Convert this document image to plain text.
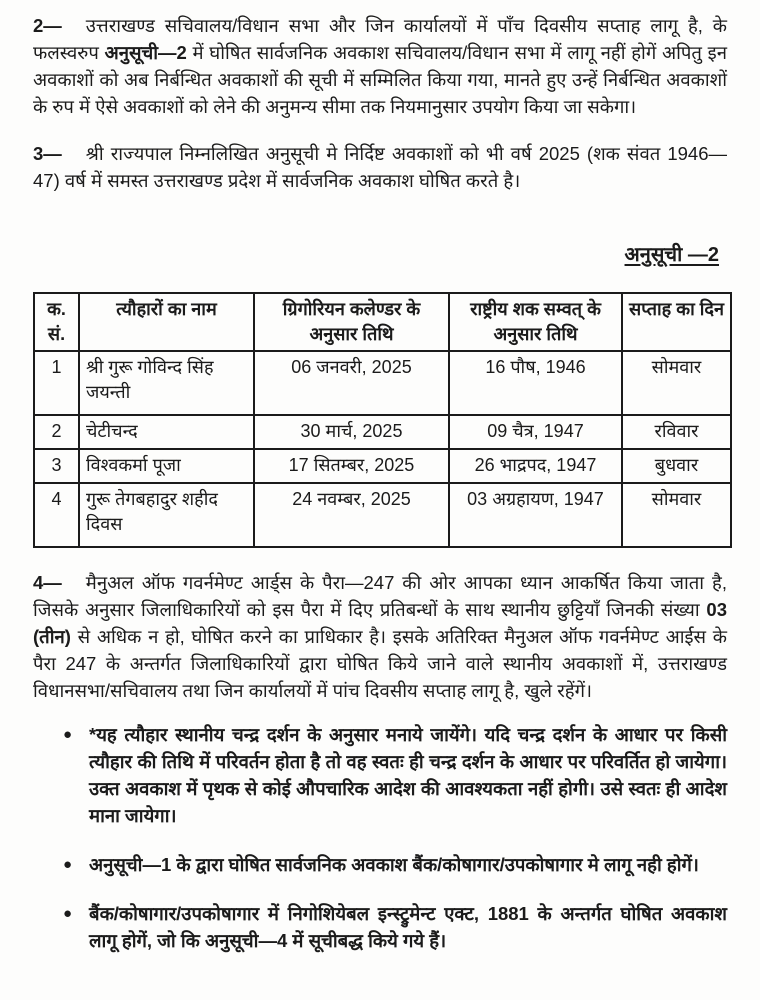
2— उत्तराखण्ड सचिवालय/विधान सभा और जिन कार्यालयों में पाँच दिवसीय सप्ताह लागू है, के फलस्वरुप अनुसूची—2 में घोषित सार्वजनिक अवकाश सचिवालय/विधान सभा में लागू नहीं होगें अपितु इन अवकाशों को अब निर्बन्धित अवकाशों की सूची में सम्मिलित किया गया, मानते हुए उन्हें निर्बन्धित अवकाशों के रुप में ऐसे अवकाशों को लेने की अनुमन्य सीमा तक नियमानुसार उपयोग किया जा सकेगा।

3— श्री राज्यपाल निम्नलिखित अनुसूची मे निर्दिष्ट अवकाशों को भी वर्ष 2025 (शक संवत 1946—47) वर्ष में समस्त उत्तराखण्ड प्रदेश में सार्वजनिक अवकाश घोषित करते है।

अनुसूची —2
क. सं.	त्यौहारों का नाम	ग्रिगोरियन कलेण्डर के अनुसार तिथि	राष्ट्रीय शक सम्वत् के अनुसार तिथि	सप्ताह का दिन
1	श्री गुरू गोविन्द सिंह जयन्ती	06 जनवरी, 2025	16 पौष, 1946	सोमवार
2	चेटीचन्द	30 मार्च, 2025	09 चैत्र, 1947	रविवार
3	विश्वकर्मा पूजा	17 सितम्बर, 2025	26 भाद्रपद, 1947	बुधवार
4	गुरू तेगबहादुर शहीद दिवस	24 नवम्बर, 2025	03 अग्रहायण, 1947	सोमवार

4— मैनुअल ऑफ गवर्नमेण्ट आर्ड्स के पैरा—247 की ओर आपका ध्यान आकर्षित किया जाता है, जिसके अनुसार जिलाधिकारियों को इस पैरा में दिए प्रतिबन्धों के साथ स्थानीय छुट्टियाँ जिनकी संख्या 03 (तीन) से अधिक न हो, घोषित करने का प्राधिकार है। इसके अतिरिक्त मैनुअल ऑफ गवर्नमेण्ट आर्ईस के पैरा 247 के अन्तर्गत जिलाधिकारियों द्वारा घोषित किये जाने वाले स्थानीय अवकाशों में, उत्तराखण्ड विधानसभा/सचिवालय तथा जिन कार्यालयों में पांच दिवसीय सप्ताह लागू है, खुले रहेंगें।

● *यह त्यौहार स्थानीय चन्द्र दर्शन के अनुसार मनाये जायेंगे। यदि चन्द्र दर्शन के आधार पर किसी त्यौहार की तिथि में परिवर्तन होता है तो वह स्वतः ही चन्द्र दर्शन के आधार पर परिवर्तित हो जायेगा। उक्त अवकाश में पृथक से कोई औपचारिक आदेश की आवश्यकता नहीं होगी। उसे स्वतः ही आदेश माना जायेगा।
● अनुसूची—1 के द्वारा घोषित सार्वजनिक अवकाश बैंक/कोषागार/उपकोषागार मे लागू नही होगें।
● बैंक/कोषागार/उपकोषागार में निगोशियेबल इन्स्ट्रुमेन्ट एक्ट, 1881 के अन्तर्गत घोषित अवकाश लागू होगें, जो कि अनुसूची—4 में सूचीबद्ध किये गये हैं।
